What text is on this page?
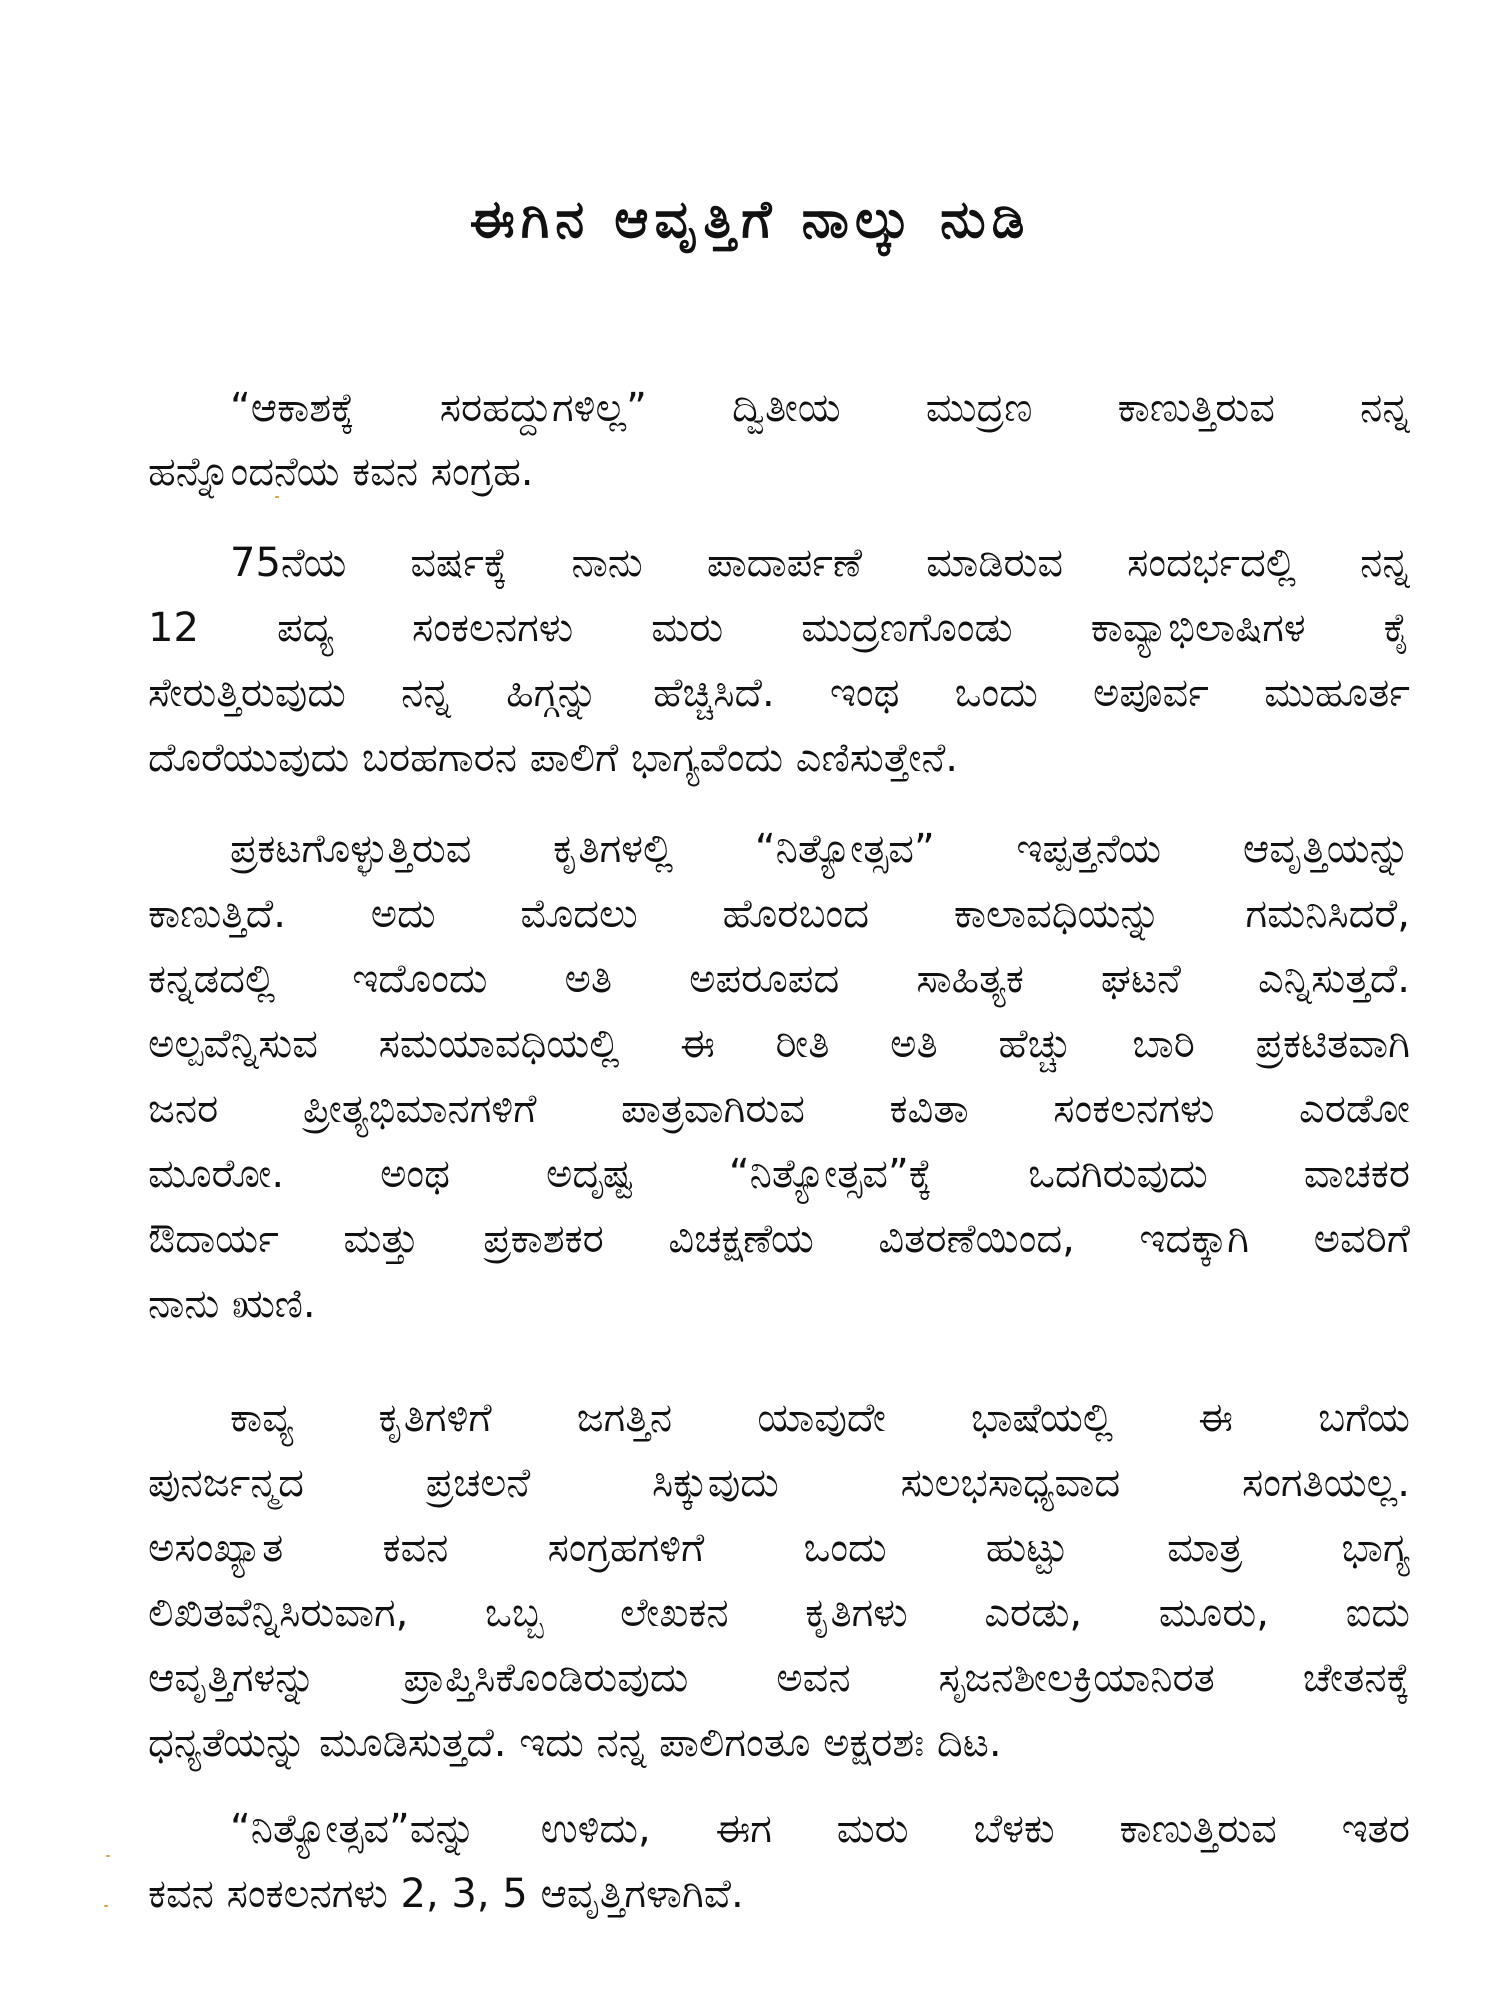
ಈಗಿನ ಆವೃತ್ತಿಗೆ ನಾಲ್ಕು ನುಡಿ
“ಆಕಾಶಕ್ಕೆ ಸರಹದ್ದುಗಳಿಲ್ಲ” ದ್ವಿತೀಯ ಮುದ್ರಣ ಕಾಣುತ್ತಿರುವ ನನ್ನ
ಹನ್ನೊಂದನೆಯ ಕವನ ಸಂಗ್ರಹ.
75ನೆಯ ವರ್ಷಕ್ಕೆ ನಾನು ಪಾದಾರ್ಪಣೆ ಮಾಡಿರುವ ಸಂದರ್ಭದಲ್ಲಿ ನನ್ನ
12 ಪದ್ಯ ಸಂಕಲನಗಳು ಮರು ಮುದ್ರಣಗೊಂಡು ಕಾವ್ಯಾಭಿಲಾಷಿಗಳ ಕೈ
ಸೇರುತ್ತಿರುವುದು ನನ್ನ ಹಿಗ್ಗನ್ನು ಹೆಚ್ಚಿಸಿದೆ. ಇಂಥ ಒಂದು ಅಪೂರ್ವ ಮುಹೂರ್ತ
ದೊರೆಯುವುದು ಬರಹಗಾರನ ಪಾಲಿಗೆ ಭಾಗ್ಯವೆಂದು ಎಣಿಸುತ್ತೇನೆ.
ಪ್ರಕಟಗೊಳ್ಳುತ್ತಿರುವ ಕೃತಿಗಳಲ್ಲಿ “ನಿತ್ಯೋತ್ಸವ” ಇಪ್ಪತ್ತನೆಯ ಆವೃತ್ತಿಯನ್ನು
ಕಾಣುತ್ತಿದೆ. ಅದು ಮೊದಲು ಹೊರಬಂದ ಕಾಲಾವಧಿಯನ್ನು ಗಮನಿಸಿದರೆ,
ಕನ್ನಡದಲ್ಲಿ ಇದೊಂದು ಅತಿ ಅಪರೂಪದ ಸಾಹಿತ್ಯಕ ಘಟನೆ ಎನ್ನಿಸುತ್ತದೆ.
ಅಲ್ಪವೆನ್ನಿಸುವ ಸಮಯಾವಧಿಯಲ್ಲಿ ಈ ರೀತಿ ಅತಿ ಹೆಚ್ಚು ಬಾರಿ ಪ್ರಕಟಿತವಾಗಿ
ಜನರ ಪ್ರೀತ್ಯಭಿಮಾನಗಳಿಗೆ ಪಾತ್ರವಾಗಿರುವ ಕವಿತಾ ಸಂಕಲನಗಳು ಎರಡೋ
ಮೂರೋ. ಅಂಥ ಅದೃಷ್ಟ “ನಿತ್ಯೋತ್ಸವ”ಕ್ಕೆ ಒದಗಿರುವುದು ವಾಚಕರ
ಔದಾರ್ಯ ಮತ್ತು ಪ್ರಕಾಶಕರ ವಿಚಕ್ಷಣೆಯ ವಿತರಣೆಯಿಂದ, ಇದಕ್ಕಾಗಿ ಅವರಿಗೆ
ನಾನು ಋಣಿ.
ಕಾವ್ಯ ಕೃತಿಗಳಿಗೆ ಜಗತ್ತಿನ ಯಾವುದೇ ಭಾಷೆಯಲ್ಲಿ ಈ ಬಗೆಯ
ಪುನರ್ಜನ್ಮದ ಪ್ರಚಲನೆ ಸಿಕ್ಕುವುದು ಸುಲಭಸಾಧ್ಯವಾದ ಸಂಗತಿಯಲ್ಲ.
ಅಸಂಖ್ಯಾತ ಕವನ ಸಂಗ್ರಹಗಳಿಗೆ ಒಂದು ಹುಟ್ಟು ಮಾತ್ರ ಭಾಗ್ಯ
ಲಿಖಿತವೆನ್ನಿಸಿರುವಾಗ, ಒಬ್ಬ ಲೇಖಕನ ಕೃತಿಗಳು ಎರಡು, ಮೂರು, ಐದು
ಆವೃತ್ತಿಗಳನ್ನು ಪ್ರಾಪ್ತಿಸಿಕೊಂಡಿರುವುದು ಅವನ ಸೃಜನಶೀಲಕ್ರಿಯಾನಿರತ ಚೇತನಕ್ಕೆ
ಧನ್ಯತೆಯನ್ನು ಮೂಡಿಸುತ್ತದೆ. ಇದು ನನ್ನ ಪಾಲಿಗಂತೂ ಅಕ್ಷರಶಃ ದಿಟ.
“ನಿತ್ಯೋತ್ಸವ”ವನ್ನು ಉಳಿದು, ಈಗ ಮರು ಬೆಳಕು ಕಾಣುತ್ತಿರುವ ಇತರ
ಕವನ ಸಂಕಲನಗಳು 2, 3, 5 ಆವೃತ್ತಿಗಳಾಗಿವೆ.
